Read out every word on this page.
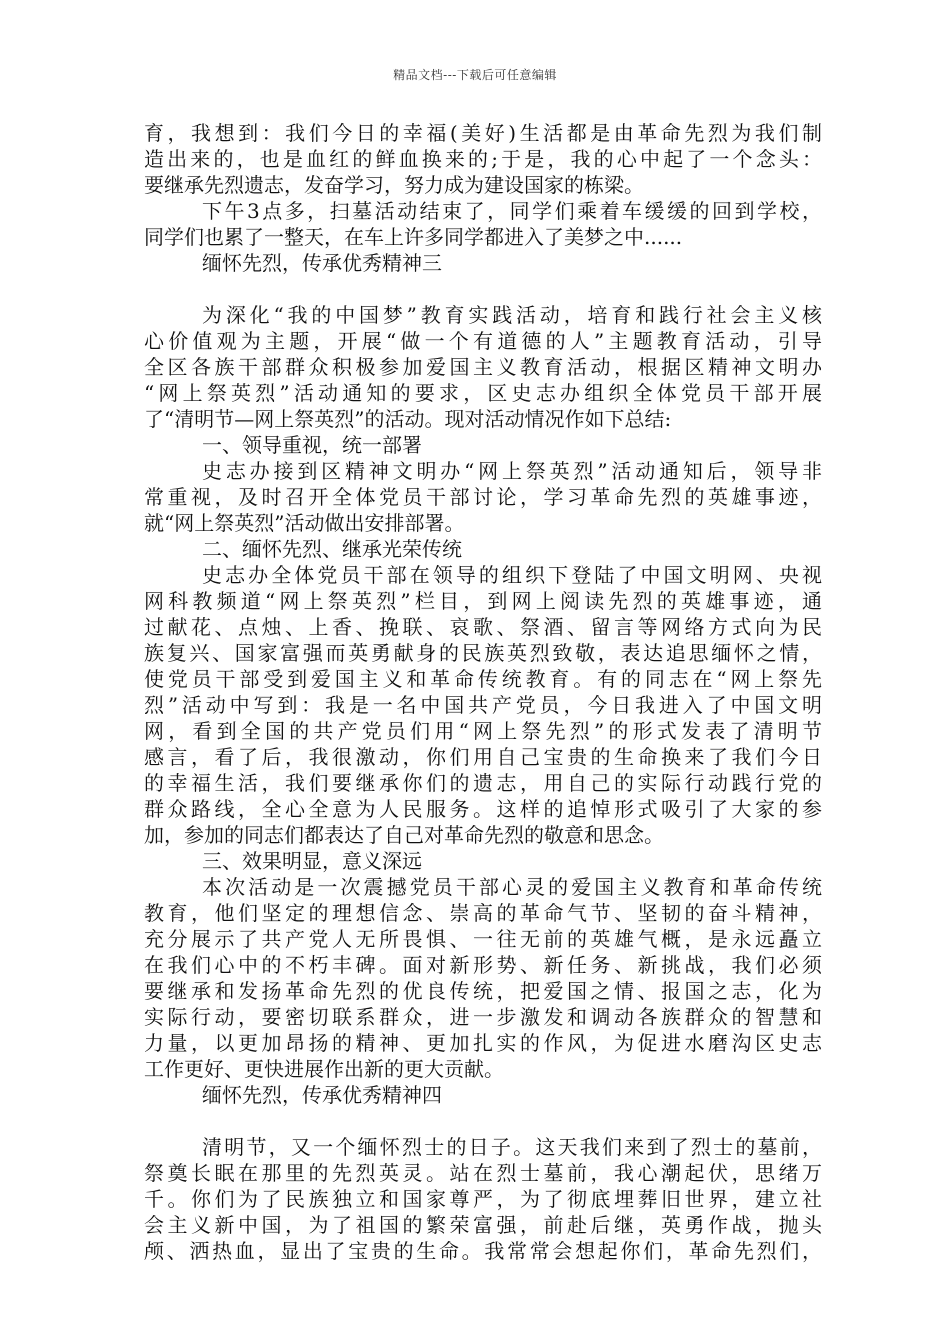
精品文档---下载后可任意编辑
育，我想到：我们今日的幸福(美好)生活都是由革命先烈为我们制
造出来的，也是血红的鲜血换来的;于是，我的心中起了一个念头：
要继承先烈遗志，发奋学习，努力成为建设国家的栋梁。
下午3点多，扫墓活动结束了，同学们乘着车缓缓的回到学校，
同学们也累了一整天，在车上许多同学都进入了美梦之中......
缅怀先烈，传承优秀精神三
为深化“我的中国梦”教育实践活动，培育和践行社会主义核
心价值观为主题，开展“做一个有道德的人”主题教育活动，引导
全区各族干部群众积极参加爱国主义教育活动，根据区精神文明办
“网上祭英烈”活动通知的要求，区史志办组织全体党员干部开展
了“清明节—网上祭英烈”的活动。现对活动情况作如下总结:
一、领导重视，统一部署
史志办接到区精神文明办“网上祭英烈”活动通知后，领导非
常重视，及时召开全体党员干部讨论，学习革命先烈的英雄事迹，
就“网上祭英烈”活动做出安排部署。
二、缅怀先烈、继承光荣传统
史志办全体党员干部在领导的组织下登陆了中国文明网、央视
网科教频道“网上祭英烈”栏目，到网上阅读先烈的英雄事迹，通
过献花、点烛、上香、挽联、哀歌、祭酒、留言等网络方式向为民
族复兴、国家富强而英勇献身的民族英烈致敬，表达追思缅怀之情，
使党员干部受到爱国主义和革命传统教育。有的同志在“网上祭先
烈”活动中写到：我是一名中国共产党员，今日我进入了中国文明
网，看到全国的共产党员们用“网上祭先烈”的形式发表了清明节
感言，看了后，我很激动，你们用自己宝贵的生命换来了我们今日
的幸福生活，我们要继承你们的遗志，用自己的实际行动践行党的
群众路线，全心全意为人民服务。这样的追悼形式吸引了大家的参
加，参加的同志们都表达了自己对革命先烈的敬意和思念。
三、效果明显，意义深远
本次活动是一次震撼党员干部心灵的爱国主义教育和革命传统
教育，他们坚定的理想信念、崇高的革命气节、坚韧的奋斗精神，
充分展示了共产党人无所畏惧、一往无前的英雄气概，是永远矗立
在我们心中的不朽丰碑。面对新形势、新任务、新挑战，我们必须
要继承和发扬革命先烈的优良传统，把爱国之情、报国之志，化为
实际行动，要密切联系群众，进一步激发和调动各族群众的智慧和
力量，以更加昂扬的精神、更加扎实的作风，为促进水磨沟区史志
工作更好、更快进展作出新的更大贡献。
缅怀先烈，传承优秀精神四
清明节，又一个缅怀烈士的日子。这天我们来到了烈士的墓前，
祭奠长眠在那里的先烈英灵。站在烈士墓前，我心潮起伏，思绪万
千。你们为了民族独立和国家尊严，为了彻底埋葬旧世界，建立社
会主义新中国，为了祖国的繁荣富强，前赴后继，英勇作战，抛头
颅、洒热血，显出了宝贵的生命。我常常会想起你们，革命先烈们，
